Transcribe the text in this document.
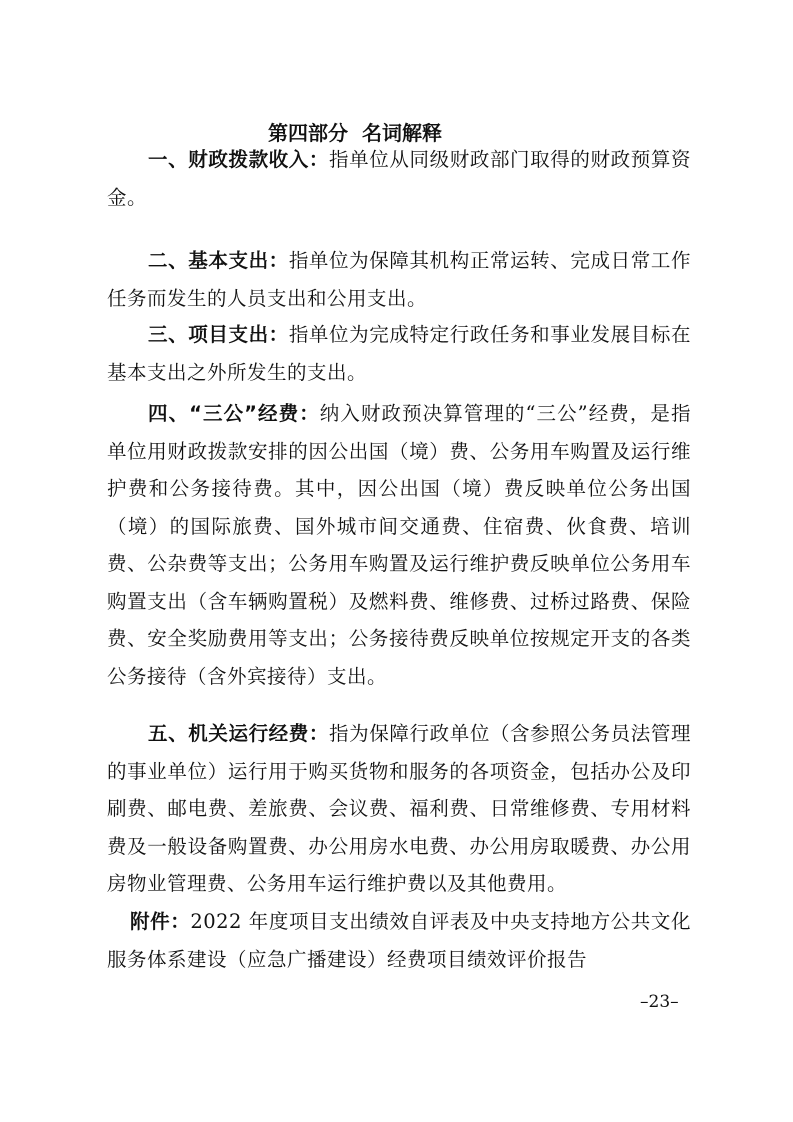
第四部分  名词解释

一、财政拨款收入：指单位从同级财政部门取得的财政预算资金。

二、基本支出：指单位为保障其机构正常运转、完成日常工作任务而发生的人员支出和公用支出。

三、项目支出：指单位为完成特定行政任务和事业发展目标在基本支出之外所发生的支出。

四、“三公”经费：纳入财政预决算管理的“三公”经费，是指单位用财政拨款安排的因公出国（境）费、公务用车购置及运行维护费和公务接待费。其中，因公出国（境）费反映单位公务出国（境）的国际旅费、国外城市间交通费、住宿费、伙食费、培训费、公杂费等支出；公务用车购置及运行维护费反映单位公务用车购置支出（含车辆购置税）及燃料费、维修费、过桥过路费、保险费、安全奖励费用等支出；公务接待费反映单位按规定开支的各类公务接待（含外宾接待）支出。

五、机关运行经费：指为保障行政单位（含参照公务员法管理的事业单位）运行用于购买货物和服务的各项资金，包括办公及印刷费、邮电费、差旅费、会议费、福利费、日常维修费、专用材料费及一般设备购置费、办公用房水电费、办公用房取暖费、办公用房物业管理费、公务用车运行维护费以及其他费用。

附件：2022 年度项目支出绩效自评表及中央支持地方公共文化服务体系建设（应急广播建设）经费项目绩效评价报告

–23–
